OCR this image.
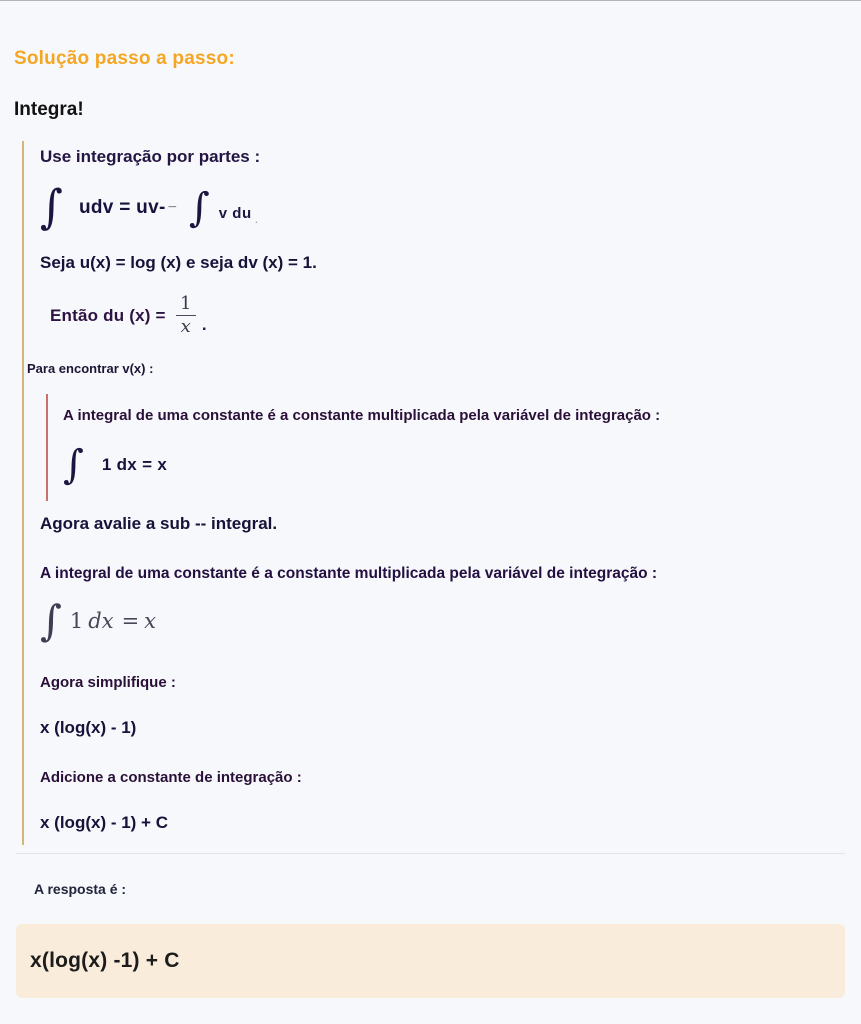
Solução passo a passo:
Integra!

Use integração por partes :

∫ udv = uv- − ∫ v du .

Seja u(x) = log (x) e seja dv (x) = 1.

Então du $(x) = \frac{1}{x}$ .

Para encontrar v(x) :

A integral de uma constante é a constante multiplicada pela variável de integração :

∫ 1 dx = x

Agora avalie a sub -- integral.

A integral de uma constante é a constante multiplicada pela variável de integração :

∫ 1 dx = x

Agora simplifique :

x (log(x) - 1)

Adicione a constante de integração :

x (log(x) - 1) + C

A resposta é :

x(log(x) -1) + C
